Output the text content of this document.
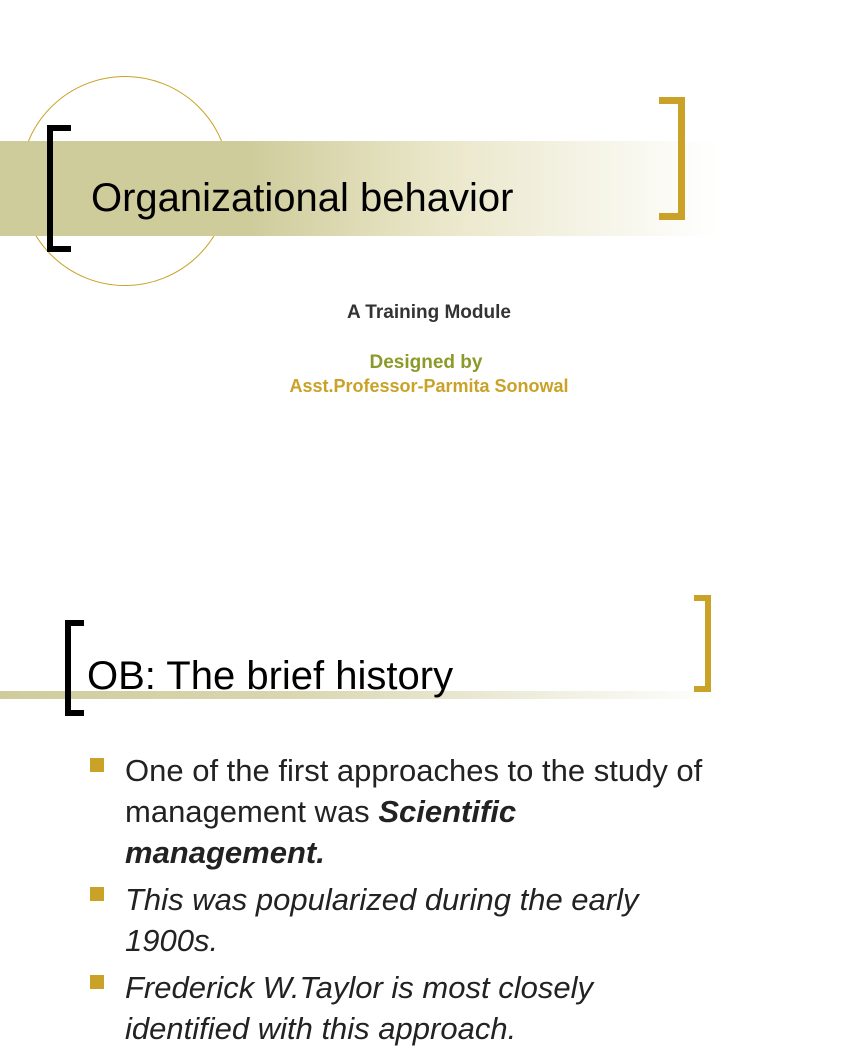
Organizational behavior
A Training Module
Designed by
Asst.Professor-Parmita Sonowal
OB: The brief history
One of the first approaches to the study of management was Scientific management.
This was popularized during the early 1900s.
Frederick W.Taylor is most closely identified with this approach.
